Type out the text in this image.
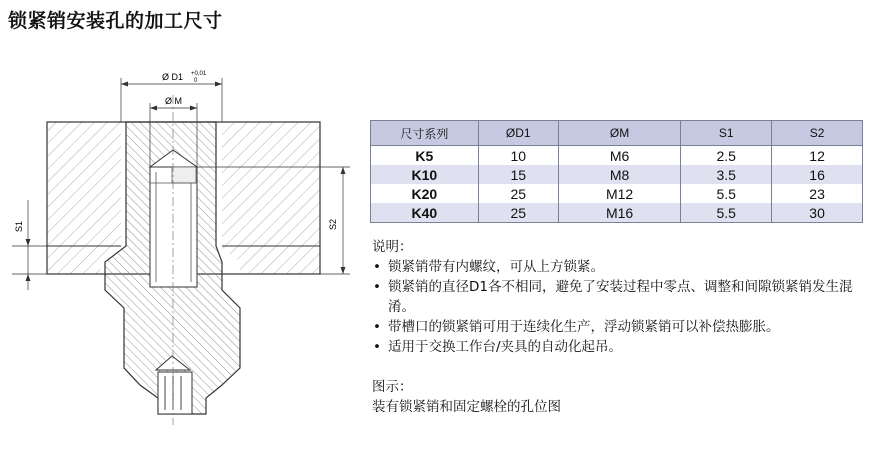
锁紧销安装孔的加工尺寸
Ø D1 +0,01
0
Ø M
S1	S2
尺寸系列	ØD1	ØM	S1	S2
K5	10	M6	2.5	12
K10	15	M8	3.5	16
K20	25	M12	5.5	23
K40	25	M16	5.5	30

说明：

• 锁紧销带有内螺纹，可从上方锁紧。
• 锁紧销的直径D1各不相同，避免了安装过程中零点、调整和间隙锁紧销发生混淆。
• 带槽口的锁紧销可用于连续化生产，浮动锁紧销可以补偿热膨胀。
• 适用于交换工作台/夹具的自动化起吊。
图示：
装有锁紧销和固定螺栓的孔位图
